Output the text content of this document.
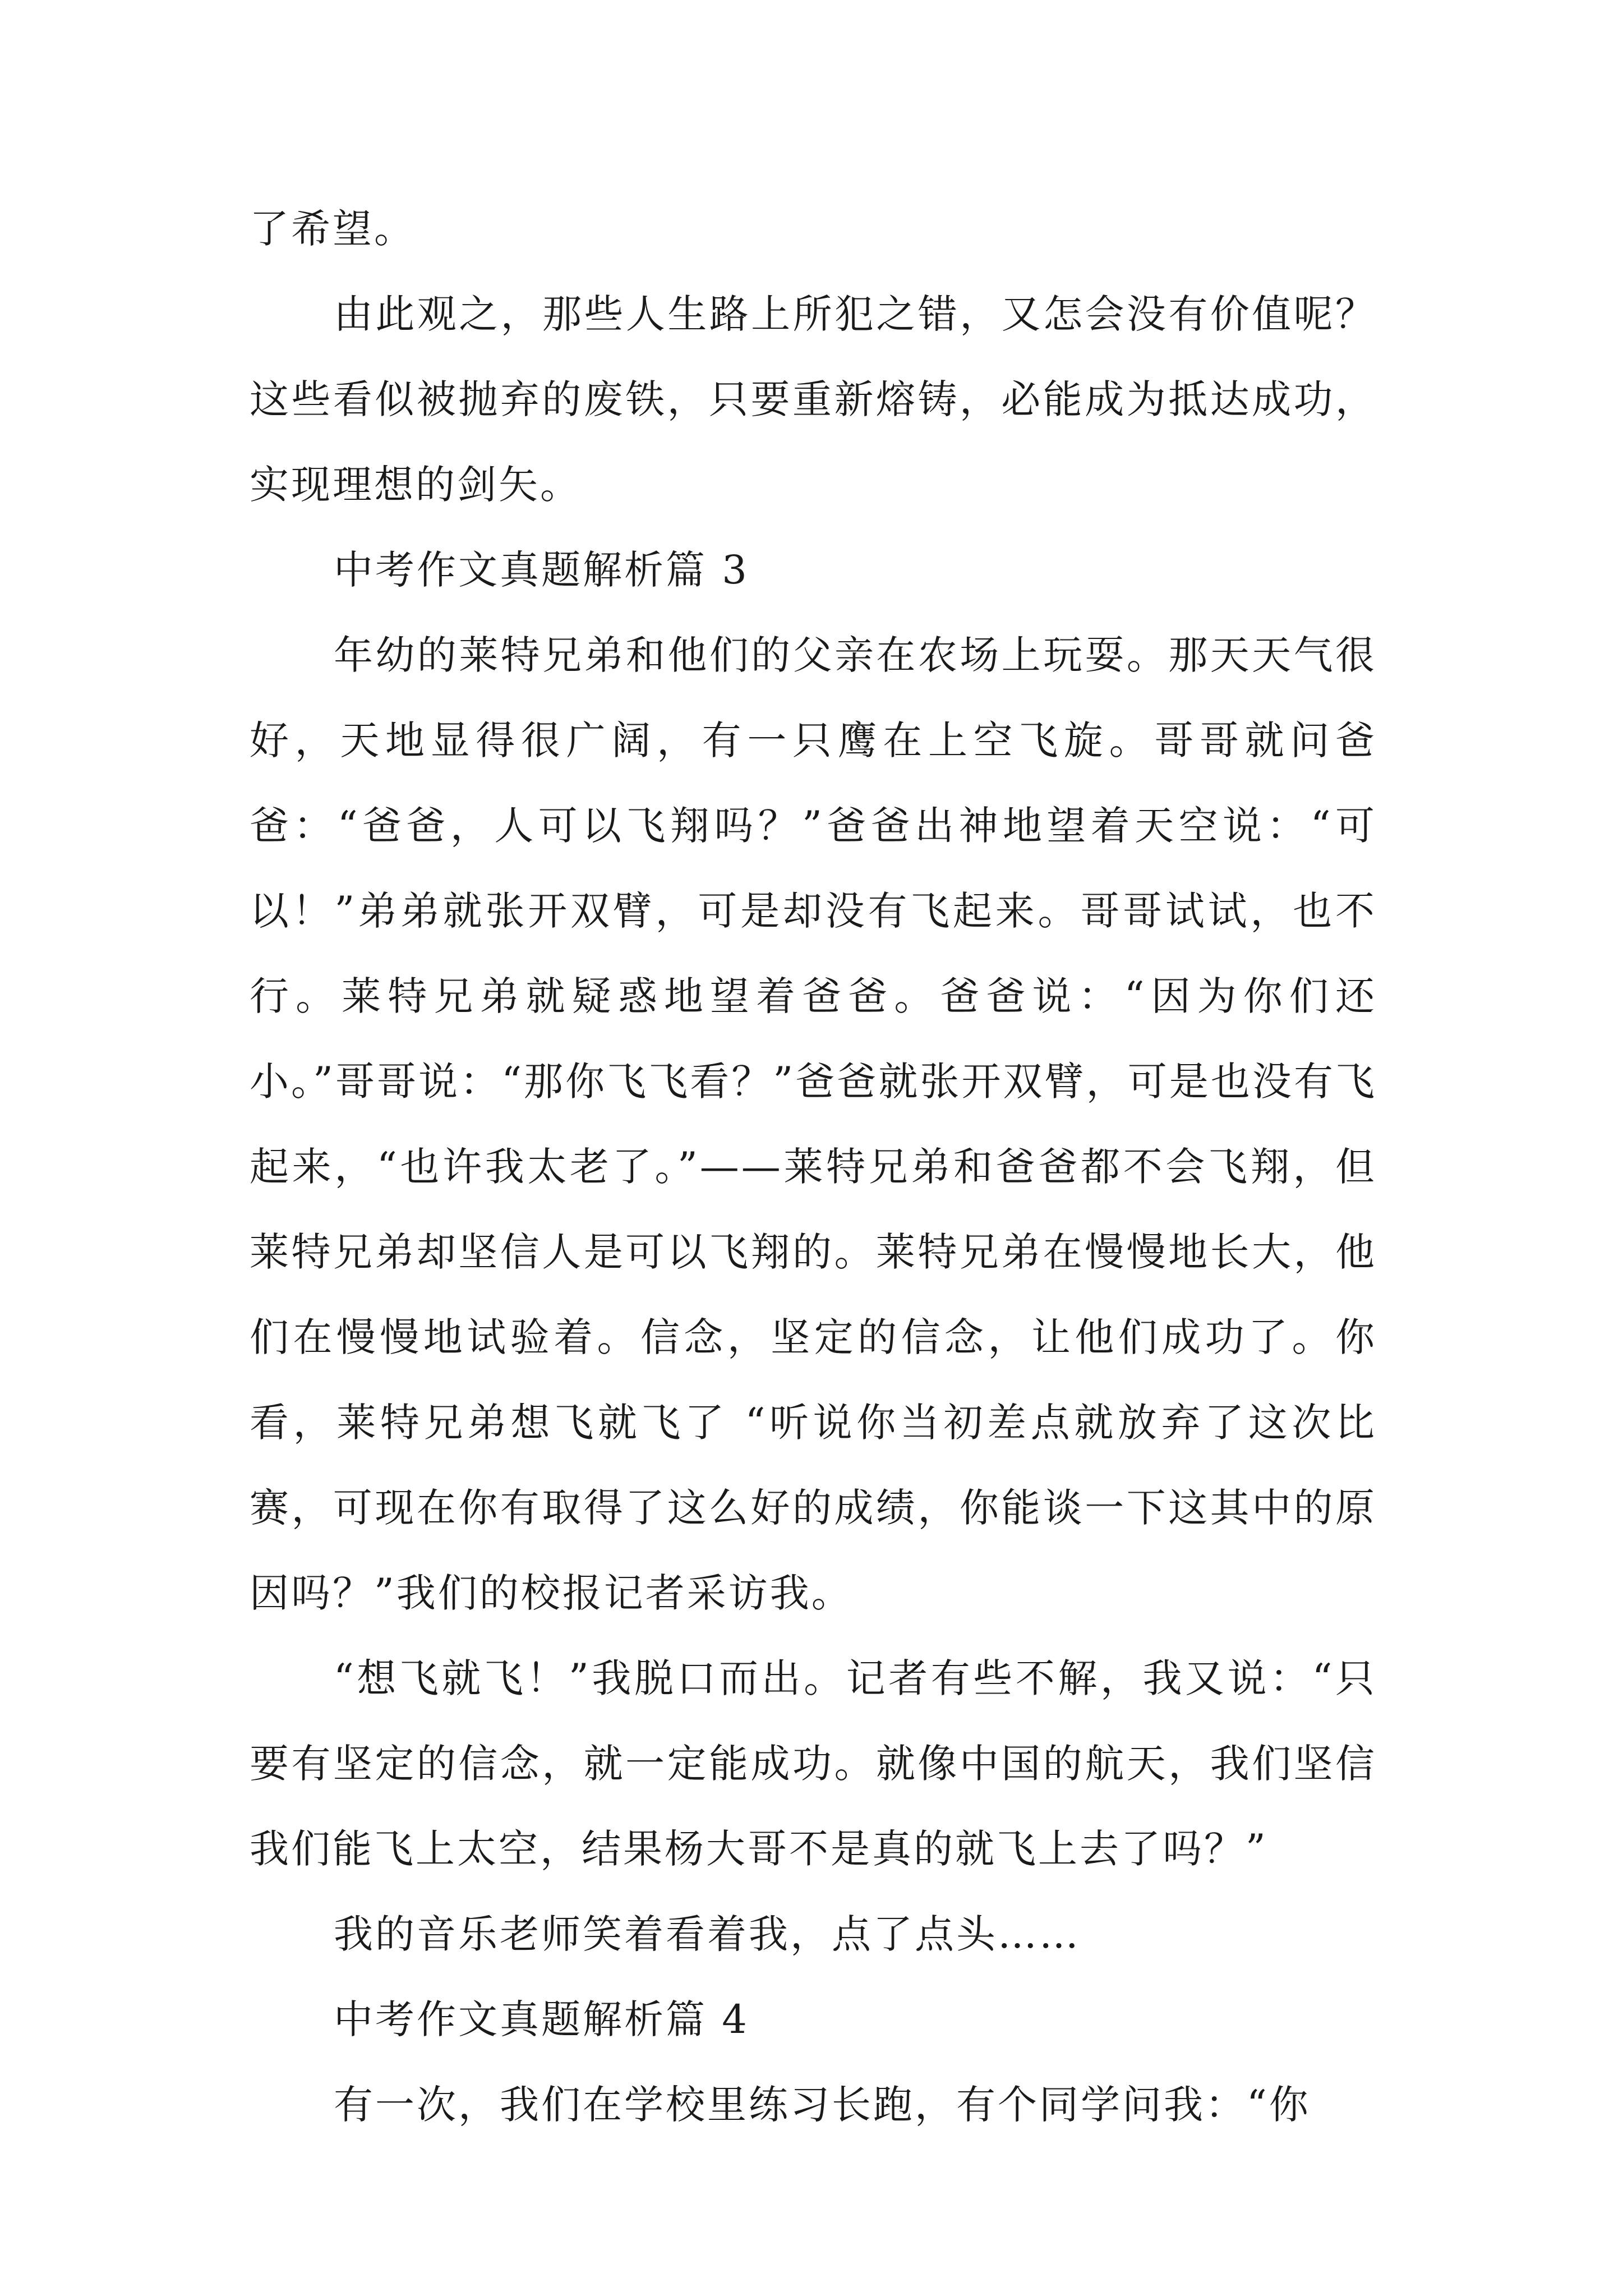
了希望。

由此观之，那些人生路上所犯之错，又怎会没有价值呢？这些看似被抛弃的废铁，只要重新熔铸，必能成为抵达成功，实现理想的剑矢。

中考作文真题解析篇 3

年幼的莱特兄弟和他们的父亲在农场上玩耍。那天天气很好，天地显得很广阔，有一只鹰在上空飞旋。哥哥就问爸爸：“爸爸，人可以飞翔吗？”爸爸出神地望着天空说：“可以！”弟弟就张开双臂，可是却没有飞起来。哥哥试试，也不行。莱特兄弟就疑惑地望着爸爸。爸爸说：“因为你们还小。”哥哥说：“那你飞飞看？”爸爸就张开双臂，可是也没有飞起来，“也许我太老了。”——莱特兄弟和爸爸都不会飞翔，但莱特兄弟却坚信人是可以飞翔的。莱特兄弟在慢慢地长大，他们在慢慢地试验着。信念，坚定的信念，让他们成功了。你看，莱特兄弟想飞就飞了 “听说你当初差点就放弃了这次比赛，可现在你有取得了这么好的成绩，你能谈一下这其中的原因吗？”我们的校报记者采访我。

“想飞就飞！”我脱口而出。记者有些不解，我又说：“只要有坚定的信念，就一定能成功。就像中国的航天，我们坚信我们能飞上太空，结果杨大哥不是真的就飞上去了吗？”

我的音乐老师笑着看着我，点了点头……

中考作文真题解析篇 4

有一次，我们在学校里练习长跑，有个同学问我：“你
